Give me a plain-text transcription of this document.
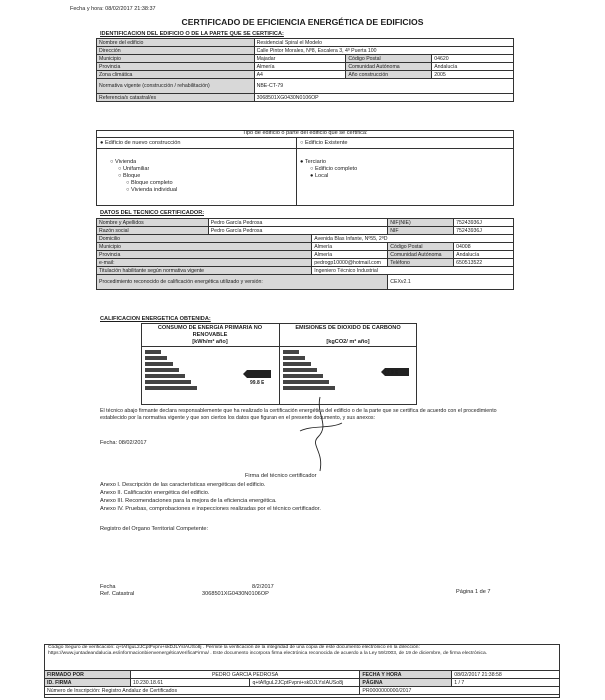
Fecha y hora: 08/02/2017 21:38:37
CERTIFICADO DE EFICIENCIA ENERGÉTICA DE EDIFICIOS
IDENTIFICACIÓN DEL EDIFICIO O DE LA PARTE QUE SE CERTIFICA:
Nombre del edificio	Residencial Spiral el Modelo		
Dirección	Calle Pintor Morales, Nº8, Escalera 3, 4º Puerta 100		
Municipio	Majadar	Código Postal	04620
Provincia	Almería	Comunidad Autónoma	Andalucía
Zona climática	A4	Año construcción	2005
Normativa vigente (construcción / rehabilitación)	NBE-CT-79		
Referencia/s catastral/es	3068501XG0430N0106OP		
Tipo de edificio o parte del edificio que se certifica:
● Edificio de nuevo construcción	○ Edificio Existente
○ Vivienda
○ Unifamiliar
○ Bloque
○ Bloque completo
○ Vivienda individual
● Terciario
○ Edificio completo
● Local
DATOS DEL TÉCNICO CERTIFICADOR:
Nombre y Apellidos	Pedro García Pedrosa		NIF(NIE)	75243936J
Razón social	Pedro García Pedrosa		NIF	75243936J
Domicilio		Avenida Blas Infante, Nº55, 2ºD		
Municipio		Almería	Código Postal	04008
Provincia		Almería	Comunidad Autónoma	Andalucía
e-mail:		pedrogp10000@hotmail.com	Teléfono	650513522
Titulación habilitante según normativa vigente		Ingeniero Técnico Industrial		
Procedimiento reconocido de calificación energética utilizado y versión:			CEXv2.1	
CALIFICACIÓN ENERGÉTICA OBTENIDA:
CONSUMO DE ENERGÍA PRIMARIA NO RENOVABLE
[kWh/m² año]
EMISIONES DE DIÓXIDO DE CARBONO
[kgCO2/ m² año]
99.8 E
17.9 E
El técnico abajo firmante declara responsablemente que ha realizado la certificación energética del edificio o de la parte que se certifica de acuerdo con el procedimiento establecido por la normativa vigente y que son ciertos los datos que figuran en el presente documento, y sus anexos:
Fecha: 08/02/2017
Firma del técnico certificador
Anexo I. Descripción de las características energéticas del edificio.
Anexo II. Calificación energética del edificio.
Anexo III. Recomendaciones para la mejora de la eficiencia energética.
Anexo IV. Pruebas, comprobaciones e inspecciones realizadas por el técnico certificador.
Registro del Órgano Territorial Competente:
Fecha	8/2/2017
Ref. Catastral	3068501XG0430N0106OP	Página 1 de 7
Código Seguro de verificación: q+tAfIguL2JCptFvpni+skDJLYsIAUSo8j . Permite la verificación de la integridad de una copia de este documento electrónico en la dirección: https://www.juntadeandalucia.es/informacionbienvenergéticaVerificaFirma/ . Este documento incorpora firma electrónica reconocida de acuerdo a la Ley 59/2003, de 19 de diciembre, de firma electrónica.
FIRMADO POR	PEDRO GARCIA PEDROSA		FECHA Y HORA	08/02/2017 21:38:58
ID. FIRMA	10.230.18.61	q+tAfIguL2JCptFvpni+skDJLYsIAUSo8j	PÁGINA	1 / 7
Número de Inscripción: Registro Andaluz de Certificados			PR0000000000/2017	
